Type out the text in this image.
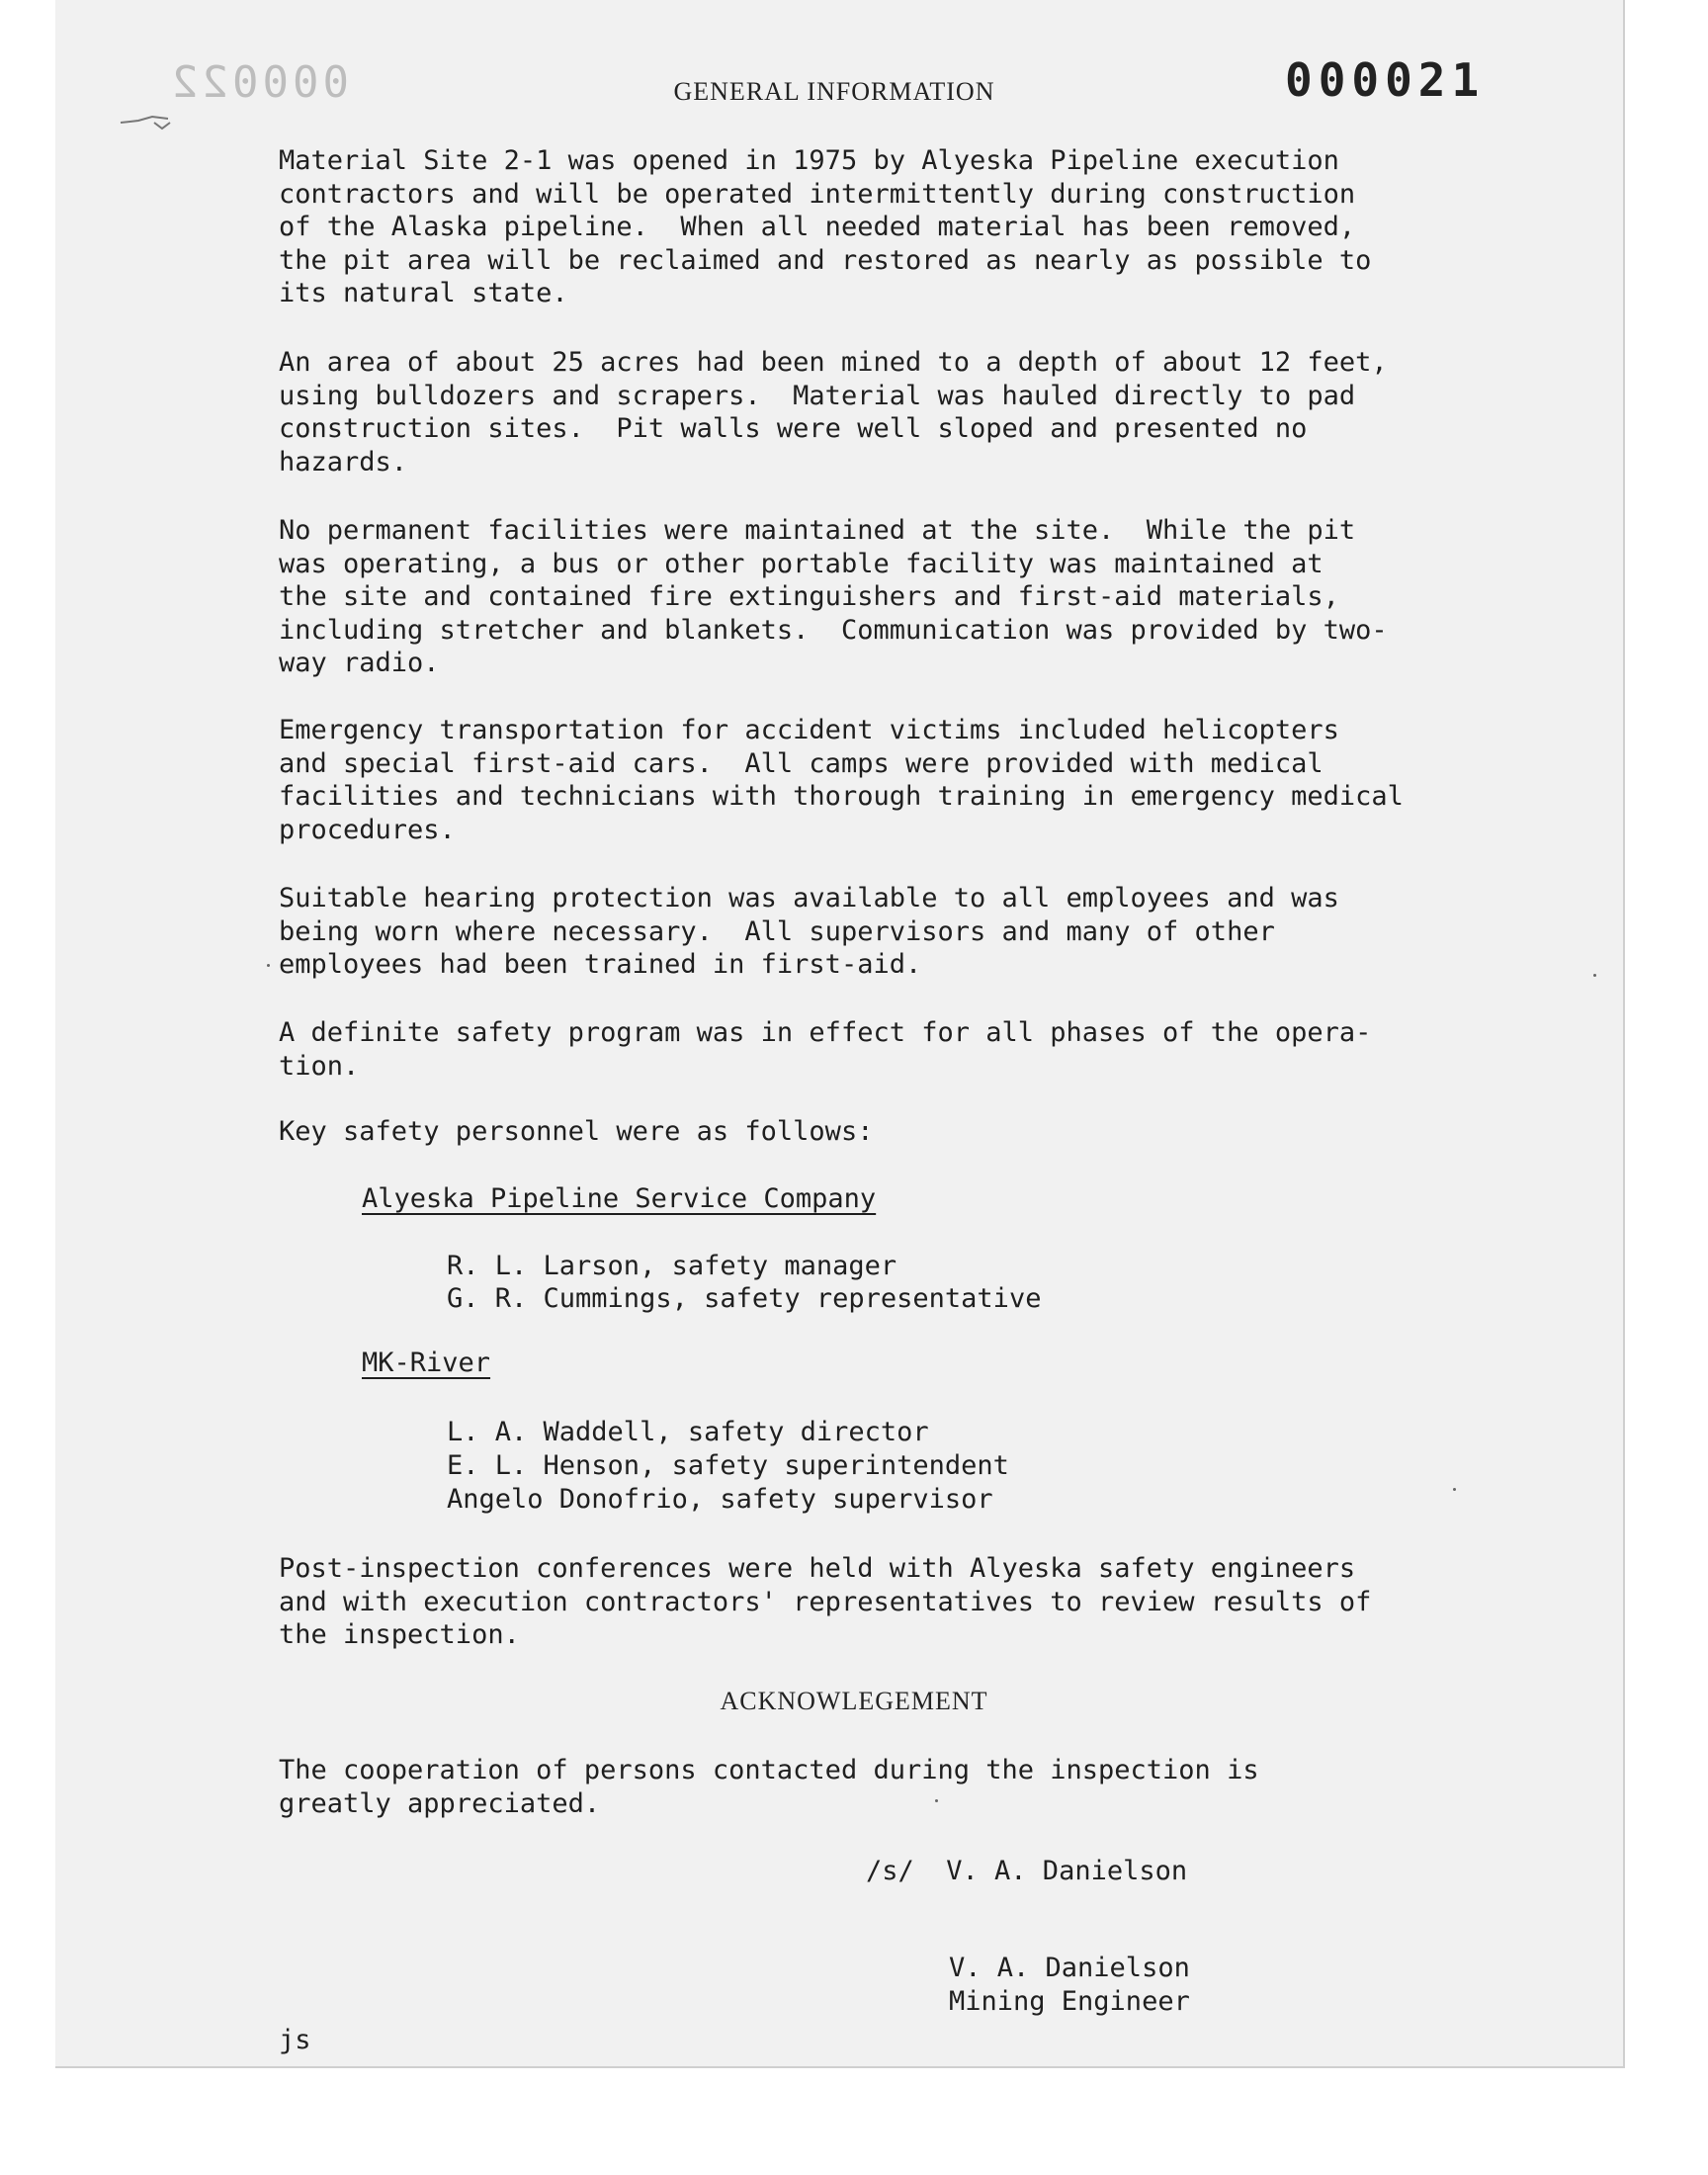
000022	GENERAL INFORMATION	000021
Material Site 2-1 was opened in 1975 by Alyeska Pipeline execution
contractors and will be operated intermittently during construction
of the Alaska pipeline.  When all needed material has been removed,
the pit area will be reclaimed and restored as nearly as possible to
its natural state.
An area of about 25 acres had been mined to a depth of about 12 feet,
using bulldozers and scrapers.  Material was hauled directly to pad
construction sites.  Pit walls were well sloped and presented no
hazards.
No permanent facilities were maintained at the site.  While the pit
was operating, a bus or other portable facility was maintained at
the site and contained fire extinguishers and first-aid materials,
including stretcher and blankets.  Communication was provided by two-
way radio.
Emergency transportation for accident victims included helicopters
and special first-aid cars.  All camps were provided with medical
facilities and technicians with thorough training in emergency medical
procedures.
Suitable hearing protection was available to all employees and was
being worn where necessary.  All supervisors and many of other
employees had been trained in first-aid.
A definite safety program was in effect for all phases of the opera-
tion.
Key safety personnel were as follows:
Alyeska Pipeline Service Company
R. L. Larson, safety manager
G. R. Cummings, safety representative
MK-River
L. A. Waddell, safety director
E. L. Henson, safety superintendent
Angelo Donofrio, safety supervisor
Post-inspection conferences were held with Alyeska safety engineers
and with execution contractors' representatives to review results of
the inspection.
ACKNOWLEGEMENT
The cooperation of persons contacted during the inspection is
greatly appreciated.
/s/  V. A. Danielson
V. A. Danielson
Mining Engineer
js
